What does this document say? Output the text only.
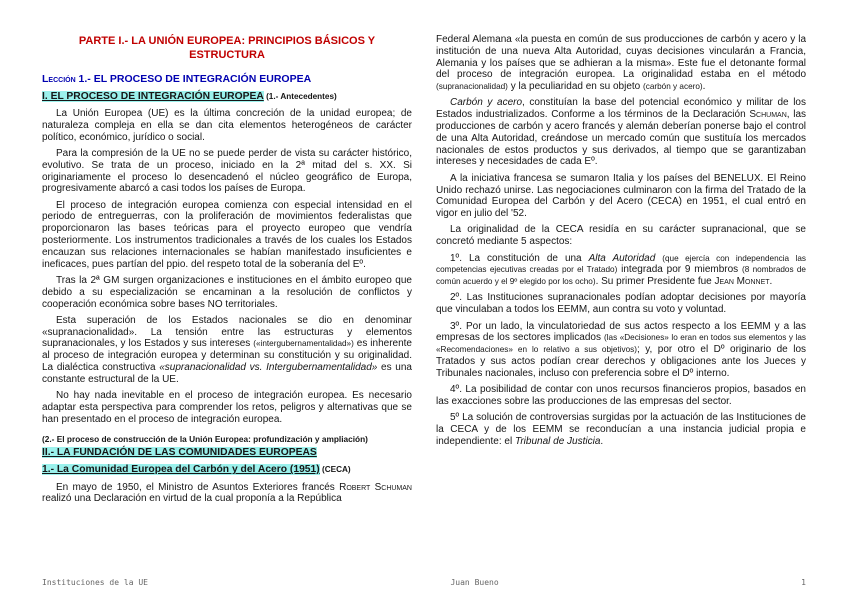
PARTE I.- LA UNIÓN EUROPEA: PRINCIPIOS BÁSICOS Y
ESTRUCTURA
Lección 1.- EL PROCESO DE INTEGRACIÓN EUROPEA
I. EL PROCESO DE INTEGRACIÓN EUROPEA (1.- Antecedentes)
La Unión Europea (UE) es la última concreción de la unidad europea; de naturaleza compleja en ella se dan cita elementos heterogéneos de carácter político, económico, jurídico o social.
Para la compresión de la UE no se puede perder de vista su carácter histórico, evolutivo. Se trata de un proceso, iniciado en la 2ª mitad del s. XX. Si originariamente el proceso lo desencadenó el núcleo geográfico de Europa, progresivamente abarcó a casi todos los países de Europa.
El proceso de integración europea comienza con especial intensidad en el periodo de entreguerras, con la proliferación de movimientos federalistas que proporcionaron las bases teóricas para el proyecto europeo que vendría posteriormente. Los instrumentos tradicionales a través de los cuales los Estados encauzan sus relaciones internacionales se habían manifestado insuficientes e ineficaces, pues partían del ppio. del respeto total de la soberanía del Eº.
Tras la 2ª GM surgen organizaciones e instituciones en el ámbito europeo que debido a su especialización se encaminan a la resolución de conflictos y cooperación económica sobre bases NO territoriales.
Esta superación de los Estados nacionales se dio en denominar «supranacionalidad». La tensión entre las estructuras y elementos supranacionales, y los Estados y sus intereses («intergubernamentalidad») es inherente al proceso de integración europea y determinan su constitución y su originalidad. La dialéctica constructiva «supranacionalidad vs. Intergubernamentalidad» es una constante estructural de la UE.
No hay nada inevitable en el proceso de integración europea. Es necesario adaptar esta perspectiva para comprender los retos, peligros y alternativas que se han presentado en el proceso de integración europea.
(2.- El proceso de construcción de la Unión Europea: profundización y ampliación)
II.- LA FUNDACIÓN DE LAS COMUNIDADES EUROPEAS
1.- La Comunidad Europea del Carbón y del Acero (1951) (CECA)
En mayo de 1950, el Ministro de Asuntos Exteriores francés Robert Schuman realizó una Declaración en virtud de la cual proponía a la República
Federal Alemana «la puesta en común de sus producciones de carbón y acero y la institución de una nueva Alta Autoridad, cuyas decisiones vincularán a Francia, Alemania y los países que se adhieran a la misma». Este fue el detonante formal del proceso de integración europea. La originalidad estaba en el método (supranacionalidad) y la peculiaridad en su objeto (carbón y acero).
Carbón y acero, constituían la base del potencial económico y militar de los Estados industrializados. Conforme a los términos de la Declaración Schuman, las producciones de carbón y acero francés y alemán deberían ponerse bajo el control de una Alta Autoridad, creándose un mercado común que sustituía los mercados nacionales de estos productos y sus derivados, al tiempo que se garantizaban intereses y necesidades de cada Eº.
A la iniciativa francesa se sumaron Italia y los países del BENELUX. El Reino Unido rechazó unirse. Las negociaciones culminaron con la firma del Tratado de la Comunidad Europea del Carbón y del Acero (CECA) en 1951, el cual entró en vigor en julio del '52.
La originalidad de la CECA residía en su carácter supranacional, que se concretó mediante 5 aspectos:
1º. La constitución de una Alta Autoridad (que ejercía con independencia las competencias ejecutivas creadas por el Tratado) integrada por 9 miembros (8 nombrados de común acuerdo y el 9º elegido por los ocho). Su primer Presidente fue Jean Monnet.
2º. Las Instituciones supranacionales podían adoptar decisiones por mayoría que vinculaban a todos los EEMM, aun contra su voto y voluntad.
3º. Por un lado, la vinculatoriedad de sus actos respecto a los EEMM y a las empresas de los sectores implicados (las «Decisiones» lo eran en todos sus elementos y las «Recomendaciones» en lo relativo a sus objetivos); y, por otro el Dº originario de los Tratados y sus actos podían crear derechos y obligaciones ante los Jueces y Tribunales nacionales, incluso con preferencia sobre el Dº interno.
4º. La posibilidad de contar con unos recursos financieros propios, basados en las exacciones sobre las producciones de las empresas del sector.
5º La solución de controversias surgidas por la actuación de las Instituciones de la CECA y de los EEMM se reconducían a una instancia judicial propia e independiente: el Tribunal de Justicia.
Instituciones de la UE	Juan Bueno	1
